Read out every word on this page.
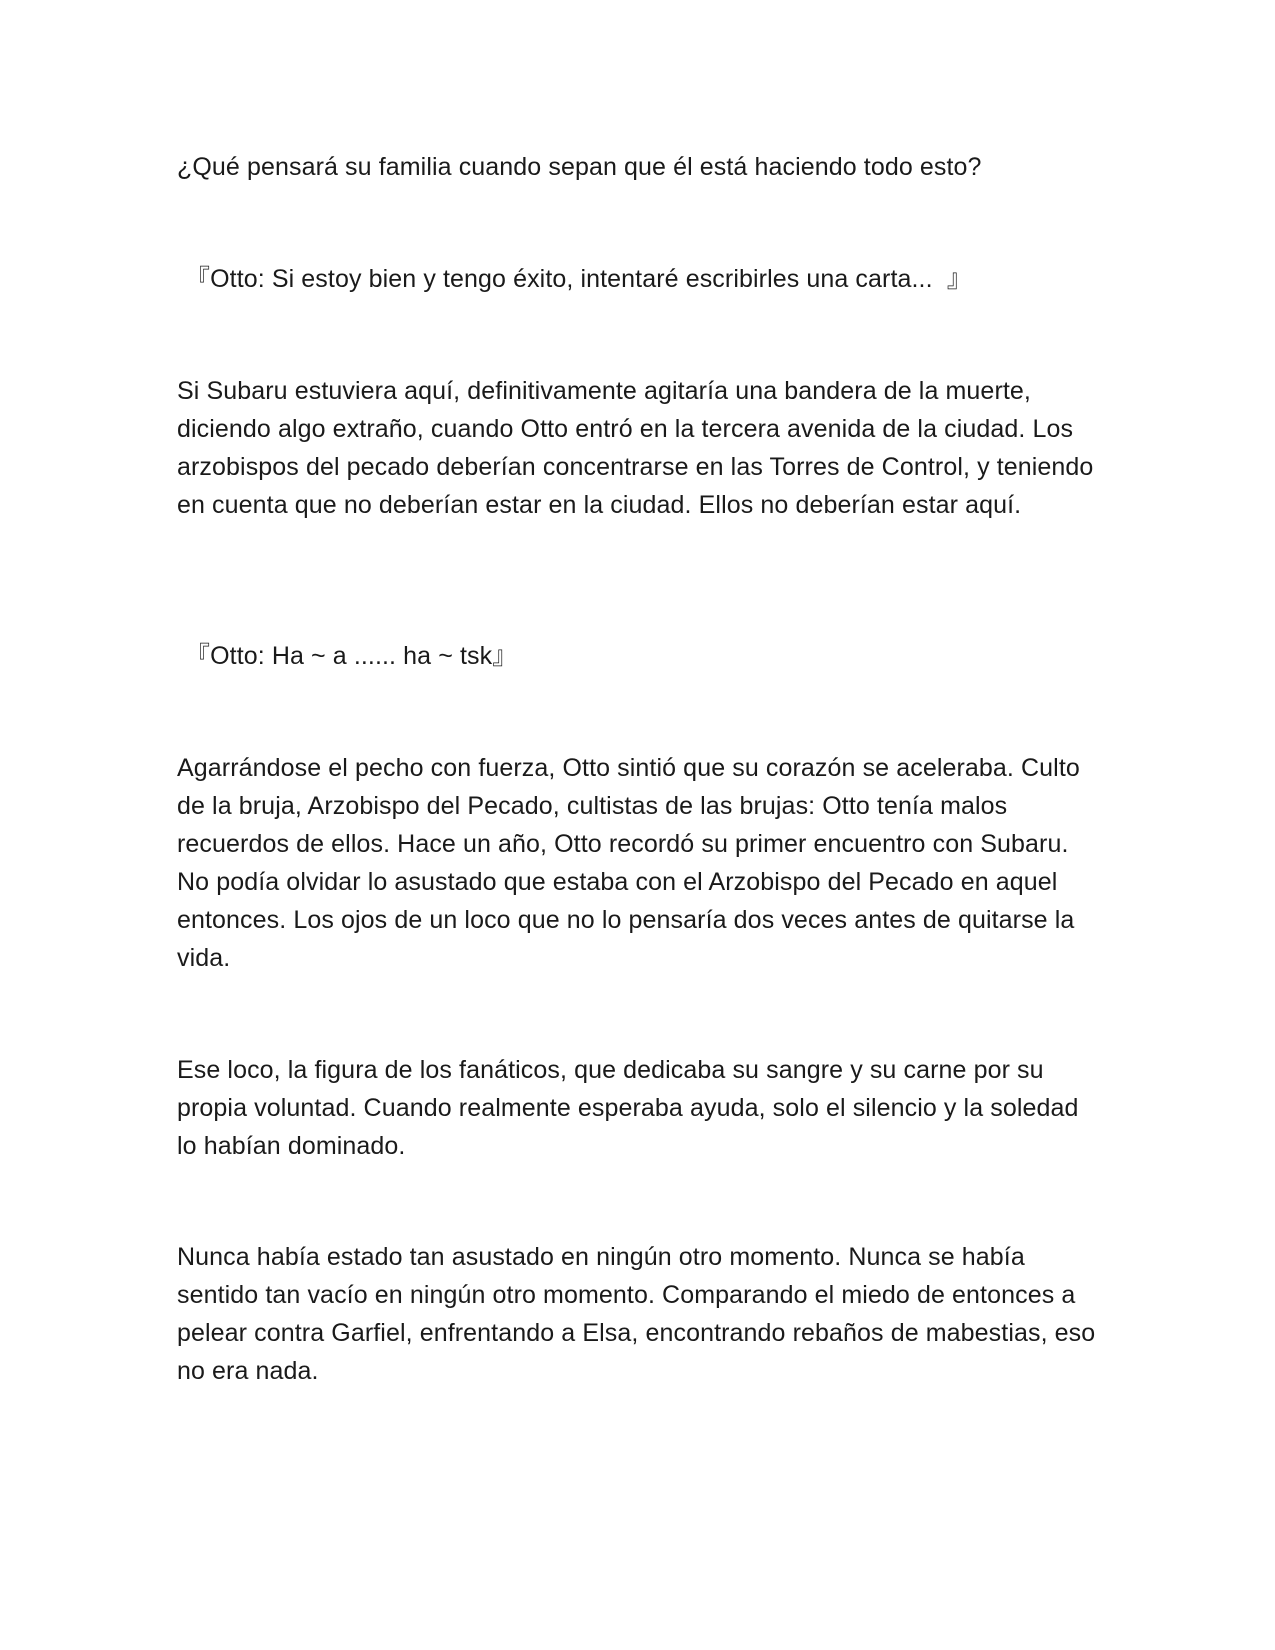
¿Qué pensará su familia cuando sepan que él está haciendo todo esto?

『Otto: Si estoy bien y tengo éxito, intentaré escribirles una carta...  』

Si Subaru estuviera aquí, definitivamente agitaría una bandera de la muerte, diciendo algo extraño, cuando Otto entró en la tercera avenida de la ciudad. Los arzobispos del pecado deberían concentrarse en las Torres de Control, y teniendo en cuenta que no deberían estar en la ciudad. Ellos no deberían estar aquí.

『Otto: Ha ~ a ...... ha ~ tsk』

Agarrándose el pecho con fuerza, Otto sintió que su corazón se aceleraba. Culto de la bruja, Arzobispo del Pecado, cultistas de las brujas: Otto tenía malos recuerdos de ellos. Hace un año, Otto recordó su primer encuentro con Subaru. No podía olvidar lo asustado que estaba con el Arzobispo del Pecado en aquel entonces. Los ojos de un loco que no lo pensaría dos veces antes de quitarse la vida.

Ese loco, la figura de los fanáticos, que dedicaba su sangre y su carne por su propia voluntad. Cuando realmente esperaba ayuda, solo el silencio y la soledad lo habían dominado.

Nunca había estado tan asustado en ningún otro momento. Nunca se había sentido tan vacío en ningún otro momento. Comparando el miedo de entonces a pelear contra Garfiel, enfrentando a Elsa, encontrando rebaños de mabestias, eso no era nada.
